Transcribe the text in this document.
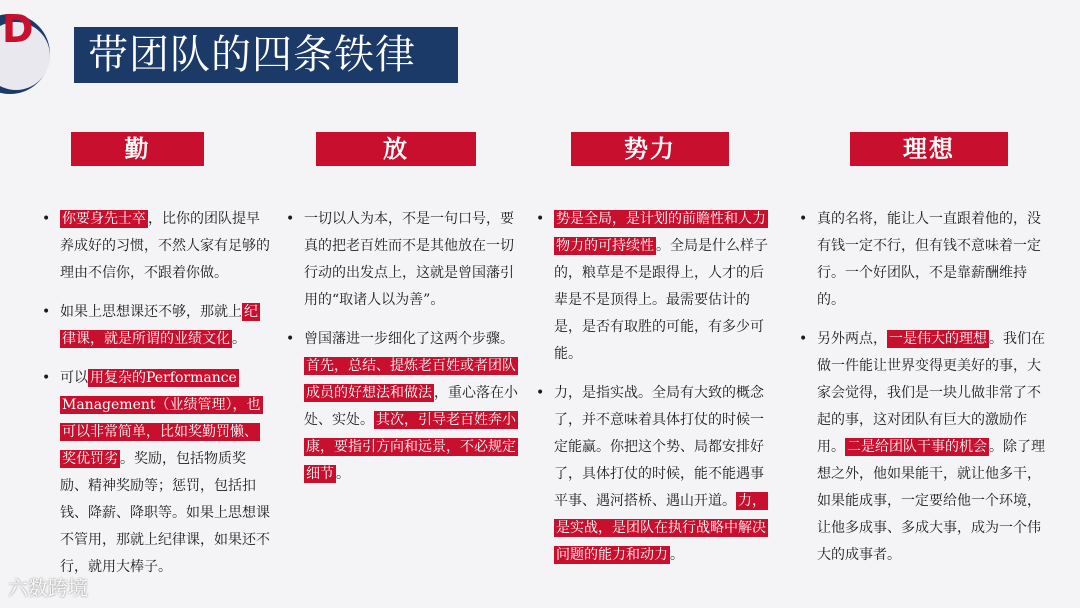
D
带团队的四条铁律
勤	放	势力	理想
• 你要身先士卒 ，比你的团队提早养成好的习惯，不然人家有足够的理由不信你，不跟着你做。
• 如果上思想课还不够，那就上 纪律课，就是所谓的业绩文化 。
• 可以 用复杂的Performance Management（业绩管理），也可以非常简单，比如奖勤罚懒、奖优罚劣 。奖励，包括物质奖励、精神奖励等；惩罚，包括扣钱、降薪、降职等。如果上思想课不管用，那就上纪律课，如果还不行，就用大棒子。
• 一切以人为本，不是一句口号，要真的把老百姓而不是其他放在一切行动的出发点上，这就是曾国藩引用的“取诸人以为善”。
• 曾国藩进一步细化了这两个步骤。首先，总结、提炼老百姓或者团队成员的好想法和做法 ，重心落在小处、实处。 其次，引导老百姓奔小康，要指引方向和远景，不必规定细节 。
• 势是全局，是计划的前瞻性和人力物力的可持续性 。全局是什么样子的，粮草是不是跟得上，人才的后辈是不是顶得上。最需要估计的是，是否有取胜的可能，有多少可能。
• 力，是指实战。全局有大致的概念了，并不意味着具体打仗的时候一定能赢。你把这个势、局都安排好了，具体打仗的时候，能不能遇事平事、遇河搭桥、遇山开道。 力，是实战，是团队在执行战略中解决问题的能力和动力 。
• 真的名将，能让人一直跟着他的，没有钱一定不行，但有钱不意味着一定行。一个好团队，不是靠薪酬维持的。
• 另外两点， 一是伟大的理想 。我们在做一件能让世界变得更美好的事，大家会觉得，我们是一块儿做非常了不起的事，这对团队有巨大的激励作用。 二是给团队干事的机会 。除了理想之外，他如果能干，就让他多干，如果能成事，一定要给他一个环境，让他多成事、多成大事，成为一个伟大的成事者。
六数跨境
